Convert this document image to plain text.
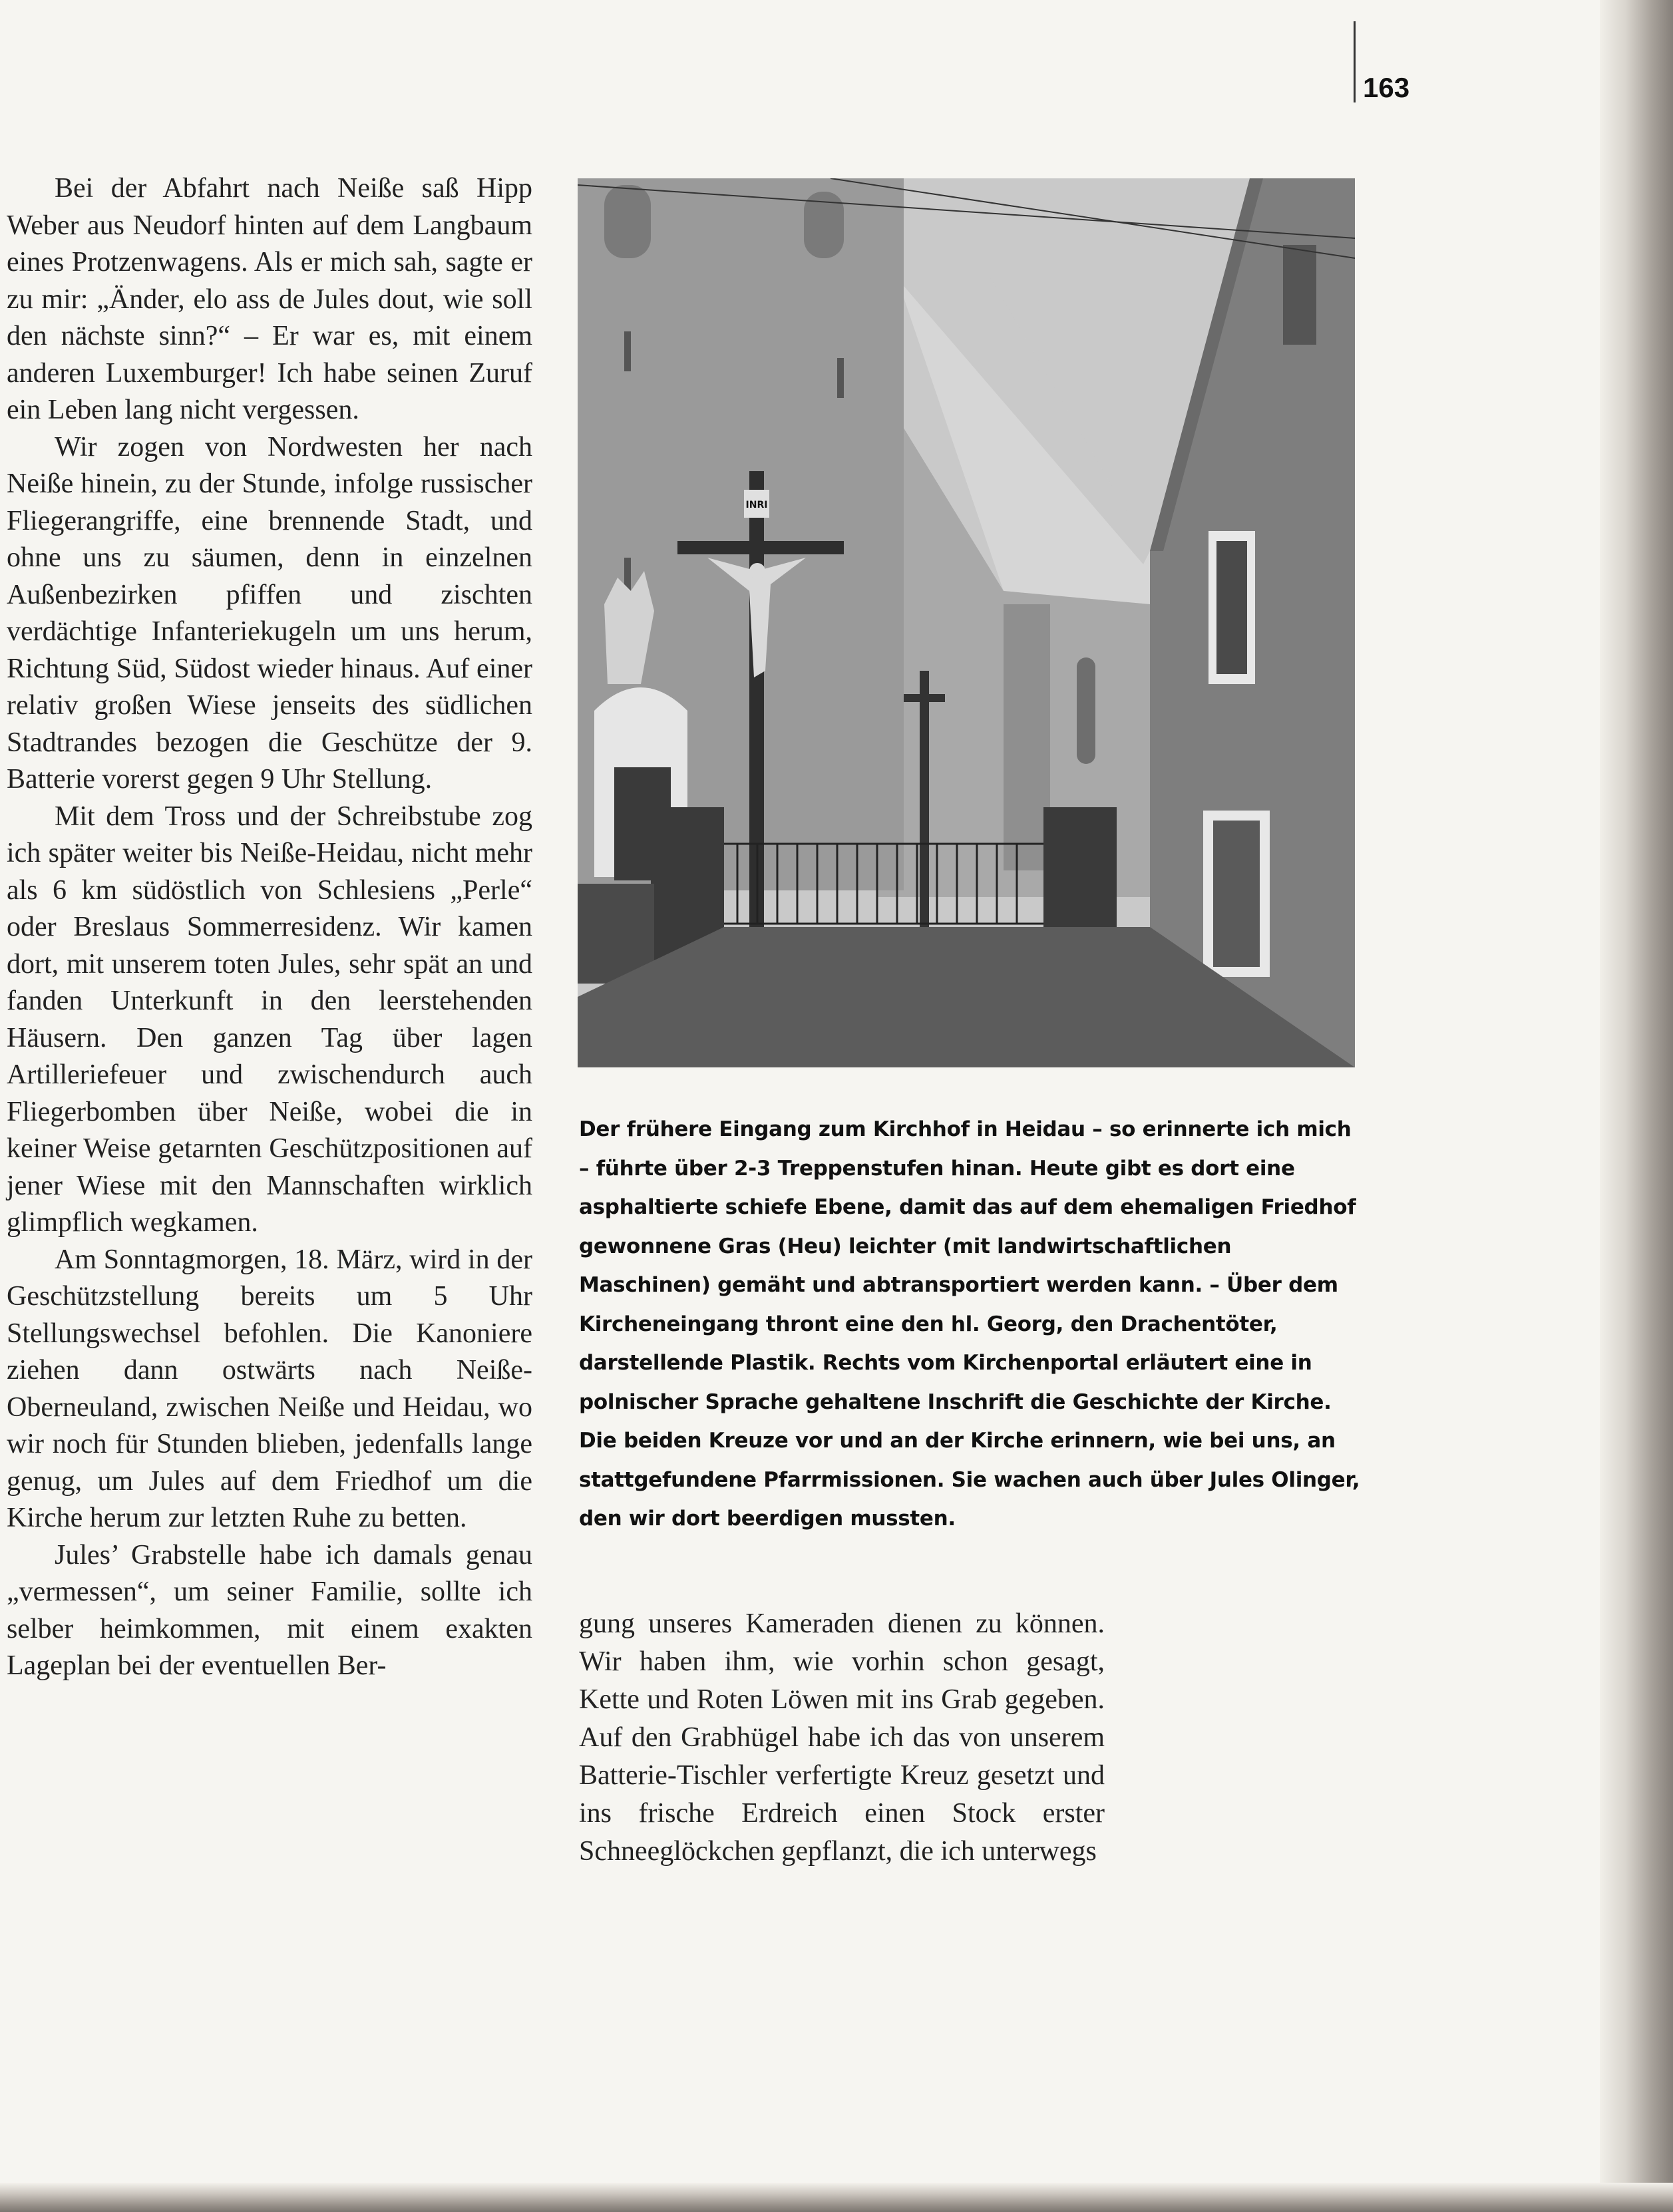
163

Bei der Abfahrt nach Neiße saß Hipp Weber aus Neudorf hinten auf dem Langbaum eines Protzenwagens. Als er mich sah, sagte er zu mir: „Änder, elo ass de Jules dout, wie soll den nächste sinn?“ – Er war es, mit einem anderen Luxemburger! Ich habe seinen Zuruf ein Leben lang nicht vergessen.

Wir zogen von Nordwesten her nach Neiße hinein, zu der Stunde, infolge russischer Fliegerangriffe, eine brennende Stadt, und ohne uns zu säumen, denn in einzelnen Außenbezirken pfiffen und zischten verdächtige Infanteriekugeln um uns herum, Richtung Süd, Südost wieder hinaus. Auf einer relativ großen Wiese jenseits des südlichen Stadtrandes bezogen die Geschütze der 9. Batterie vorerst gegen 9 Uhr Stellung.

Mit dem Tross und der Schreibstube zog ich später weiter bis Neiße-Heidau, nicht mehr als 6 km südöstlich von Schlesiens „Perle“ oder Breslaus Sommerresidenz. Wir kamen dort, mit unserem toten Jules, sehr spät an und fanden Unterkunft in den leerstehenden Häusern. Den ganzen Tag über lagen Artilleriefeuer und zwischendurch auch Fliegerbomben über Neiße, wobei die in keiner Weise getarnten Geschützpositionen auf jener Wiese mit den Mannschaften wirklich glimpflich wegkamen.

Am Sonntagmorgen, 18. März, wird in der Geschützstellung bereits um 5 Uhr Stellungswechsel befohlen. Die Kanoniere ziehen dann ostwärts nach Neiße-Oberneuland, zwischen Neiße und Heidau, wo wir noch für Stunden blieben, jedenfalls lange genug, um Jules auf dem Friedhof um die Kirche herum zur letzten Ruhe zu betten.

Jules’ Grabstelle habe ich damals genau „vermessen“, um seiner Familie, sollte ich selber heimkommen, mit einem exakten Lageplan bei der eventuellen Ber-

INRI
Der frühere Eingang zum Kirchhof in Heidau – so erinnerte ich mich – führte über 2-3 Treppenstufen hinan. Heute gibt es dort eine asphaltierte schiefe Ebene, damit das auf dem ehemaligen Friedhof gewonnene Gras (Heu) leichter (mit landwirtschaftlichen Maschinen) gemäht und abtransportiert werden kann. – Über dem Kircheneingang thront eine den hl. Georg, den Drachentöter, darstellende Plastik. Rechts vom Kirchenportal erläutert eine in polnischer Sprache gehaltene Inschrift die Geschichte der Kirche. Die beiden Kreuze vor und an der Kirche erinnern, wie bei uns, an stattgefundene Pfarrmissionen. Sie wachen auch über Jules Olinger, den wir dort beerdigen mussten.

gung unseres Kameraden dienen zu können. Wir haben ihm, wie vorhin schon gesagt, Kette und Roten Löwen mit ins Grab gegeben. Auf den Grabhügel habe ich das von unserem Batterie-Tischler verfertigte Kreuz gesetzt und ins frische Erdreich einen Stock erster Schneeglöckchen gepflanzt, die ich unterwegs
